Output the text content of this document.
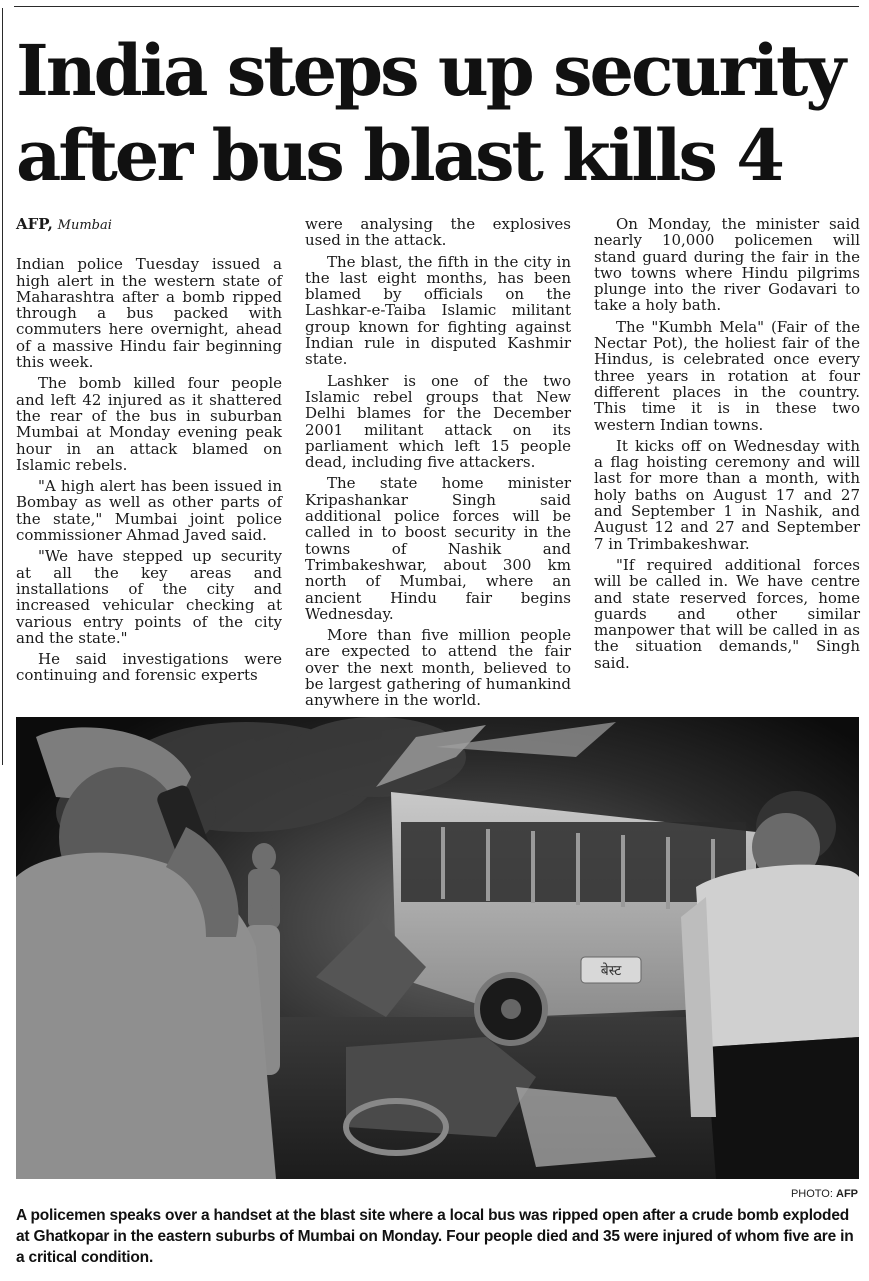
India steps up security
after bus blast kills 4
AFP, Mumbai

Indian police Tuesday issued a high alert in the western state of Maharashtra after a bomb ripped through a bus packed with commuters here overnight, ahead of a massive Hindu fair beginning this week.

The bomb killed four people and left 42 injured as it shattered the rear of the bus in suburban Mumbai at Monday evening peak hour in an attack blamed on Islamic rebels.

"A high alert has been issued in Bombay as well as other parts of the state," Mumbai joint police commissioner Ahmad Javed said.

"We have stepped up security at all the key areas and installations of the city and increased vehicular checking at various entry points of the city and the state."

He said investigations were continuing and forensic experts

were analysing the explosives used in the attack.

The blast, the fifth in the city in the last eight months, has been blamed by officials on the Lashkar-e-Taiba Islamic militant group known for fighting against Indian rule in disputed Kashmir state.

Lashker is one of the two Islamic rebel groups that New Delhi blames for the December 2001 militant attack on its parliament which left 15 people dead, including five attackers.

The state home minister Kripashankar Singh said additional police forces will be called in to boost security in the towns of Nashik and Trimbakeshwar, about 300 km north of Mumbai, where an ancient Hindu fair begins Wednesday.

More than five million people are expected to attend the fair over the next month, believed to be largest gathering of humankind anywhere in the world.

On Monday, the minister said nearly 10,000 policemen will stand guard during the fair in the two towns where Hindu pilgrims plunge into the river Godavari to take a holy bath.

The "Kumbh Mela" (Fair of the Nectar Pot), the holiest fair of the Hindus, is celebrated once every three years in rotation at four different places in the country. This time it is in these two western Indian towns.

It kicks off on Wednesday with a flag hoisting ceremony and will last for more than a month, with holy baths on August 17 and 27 and September 1 in Nashik, and August 12 and 27 and September 7 in Trimbakeshwar.

"If required additional forces will be called in. We have centre and state reserved forces, home guards and other similar manpower that will be called in as the situation demands," Singh said.

बेस्ट
PHOTO: AFP

A policemen speaks over a handset at the blast site where a local bus was ripped open after a crude bomb exploded at Ghatkopar in the eastern suburbs of Mumbai on Monday. Four people died and 35 were injured of whom five are in a critical condition.
